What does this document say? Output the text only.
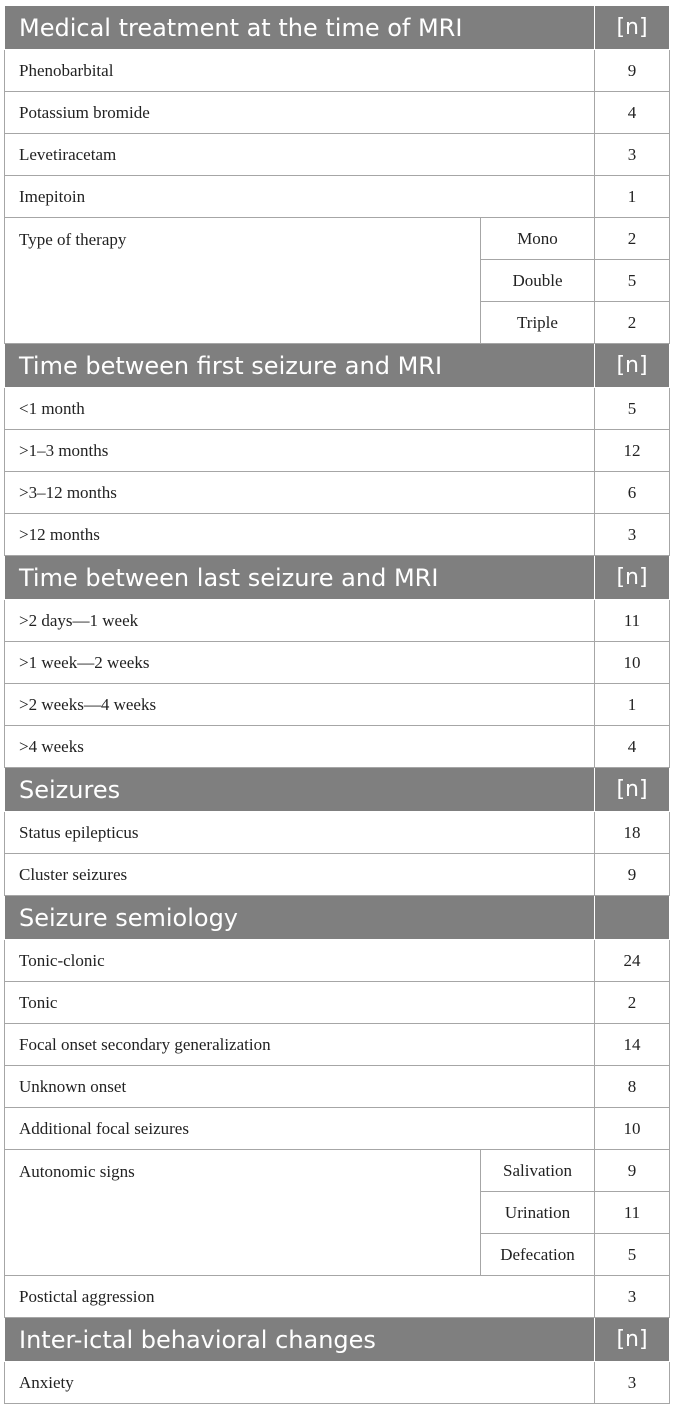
Medical treatment at the time of MRI		[n]
Phenobarbital		9
Potassium bromide		4
Levetiracetam		3
Imepitoin		1
Type of therapy	Mono	2
	Double	5
	Triple	2
Time between first seizure and MRI		[n]
<1 month		5
>1–3 months		12
>3–12 months		6
>12 months		3
Time between last seizure and MRI		[n]
>2 days—1 week		11
>1 week—2 weeks		10
>2 weeks—4 weeks		1
>4 weeks		4
Seizures		[n]
Status epilepticus		18
Cluster seizures		9
Seizure semiology		
Tonic-clonic		24
Tonic		2
Focal onset secondary generalization		14
Unknown onset		8
Additional focal seizures		10
Autonomic signs	Salivation	9
	Urination	11
	Defecation	5
Postictal aggression		3
Inter-ictal behavioral changes		[n]
Anxiety		3
